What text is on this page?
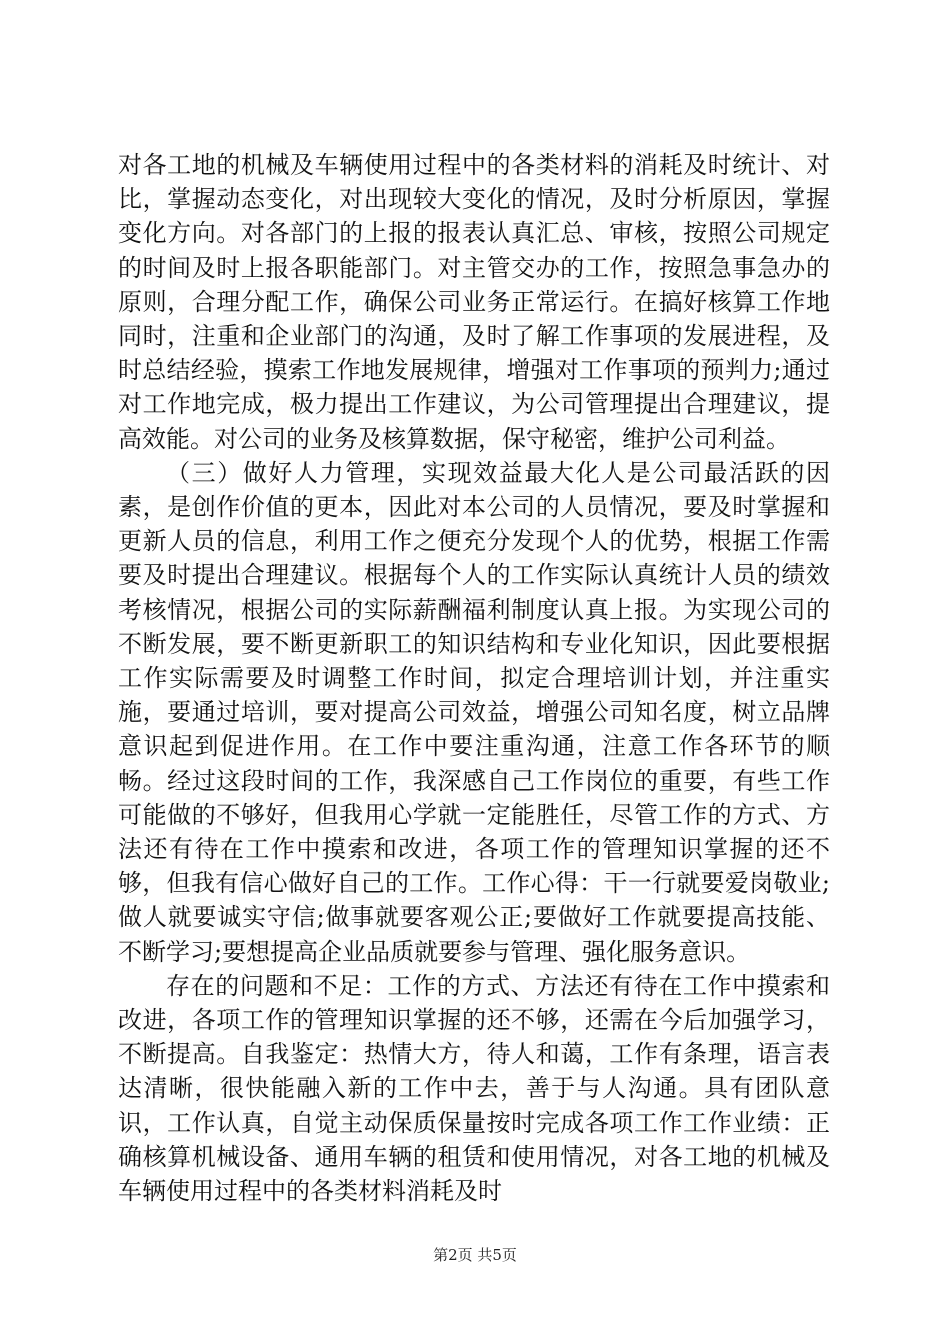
对各工地的机械及车辆使用过程中的各类材料的消耗及时统计、对比，掌握动态变化，对出现较大变化的情况，及时分析原因，掌握变化方向。对各部门的上报的报表认真汇总、审核，按照公司规定的时间及时上报各职能部门。对主管交办的工作，按照急事急办的原则，合理分配工作，确保公司业务正常运行。在搞好核算工作地同时，注重和企业部门的沟通，及时了解工作事项的发展进程，及时总结经验，摸索工作地发展规律，增强对工作事项的预判力;通过对工作地完成，极力提出工作建议，为公司管理提出合理建议，提高效能。对公司的业务及核算数据，保守秘密，维护公司利益。

（三）做好人力管理，实现效益最大化人是公司最活跃的因素，是创作价值的更本，因此对本公司的人员情况，要及时掌握和更新人员的信息，利用工作之便充分发现个人的优势，根据工作需要及时提出合理建议。根据每个人的工作实际认真统计人员的绩效考核情况，根据公司的实际薪酬福利制度认真上报。为实现公司的不断发展，要不断更新职工的知识结构和专业化知识，因此要根据工作实际需要及时调整工作时间，拟定合理培训计划，并注重实施，要通过培训，要对提高公司效益，增强公司知名度，树立品牌意识起到促进作用。在工作中要注重沟通，注意工作各环节的顺畅。经过这段时间的工作，我深感自己工作岗位的重要，有些工作可能做的不够好，但我用心学就一定能胜任，尽管工作的方式、方法还有待在工作中摸索和改进，各项工作的管理知识掌握的还不够，但我有信心做好自己的工作。工作心得：干一行就要爱岗敬业;做人就要诚实守信;做事就要客观公正;要做好工作就要提高技能、不断学习;要想提高企业品质就要参与管理、强化服务意识。

存在的问题和不足：工作的方式、方法还有待在工作中摸索和改进，各项工作的管理知识掌握的还不够，还需在今后加强学习，不断提高。自我鉴定：热情大方，待人和蔼，工作有条理，语言表达清晰，很快能融入新的工作中去，善于与人沟通。具有团队意识，工作认真，自觉主动保质保量按时完成各项工作工作业绩：正确核算机械设备、通用车辆的租赁和使用情况，对各工地的机械及车辆使用过程中的各类材料消耗及时

第2页 共5页
